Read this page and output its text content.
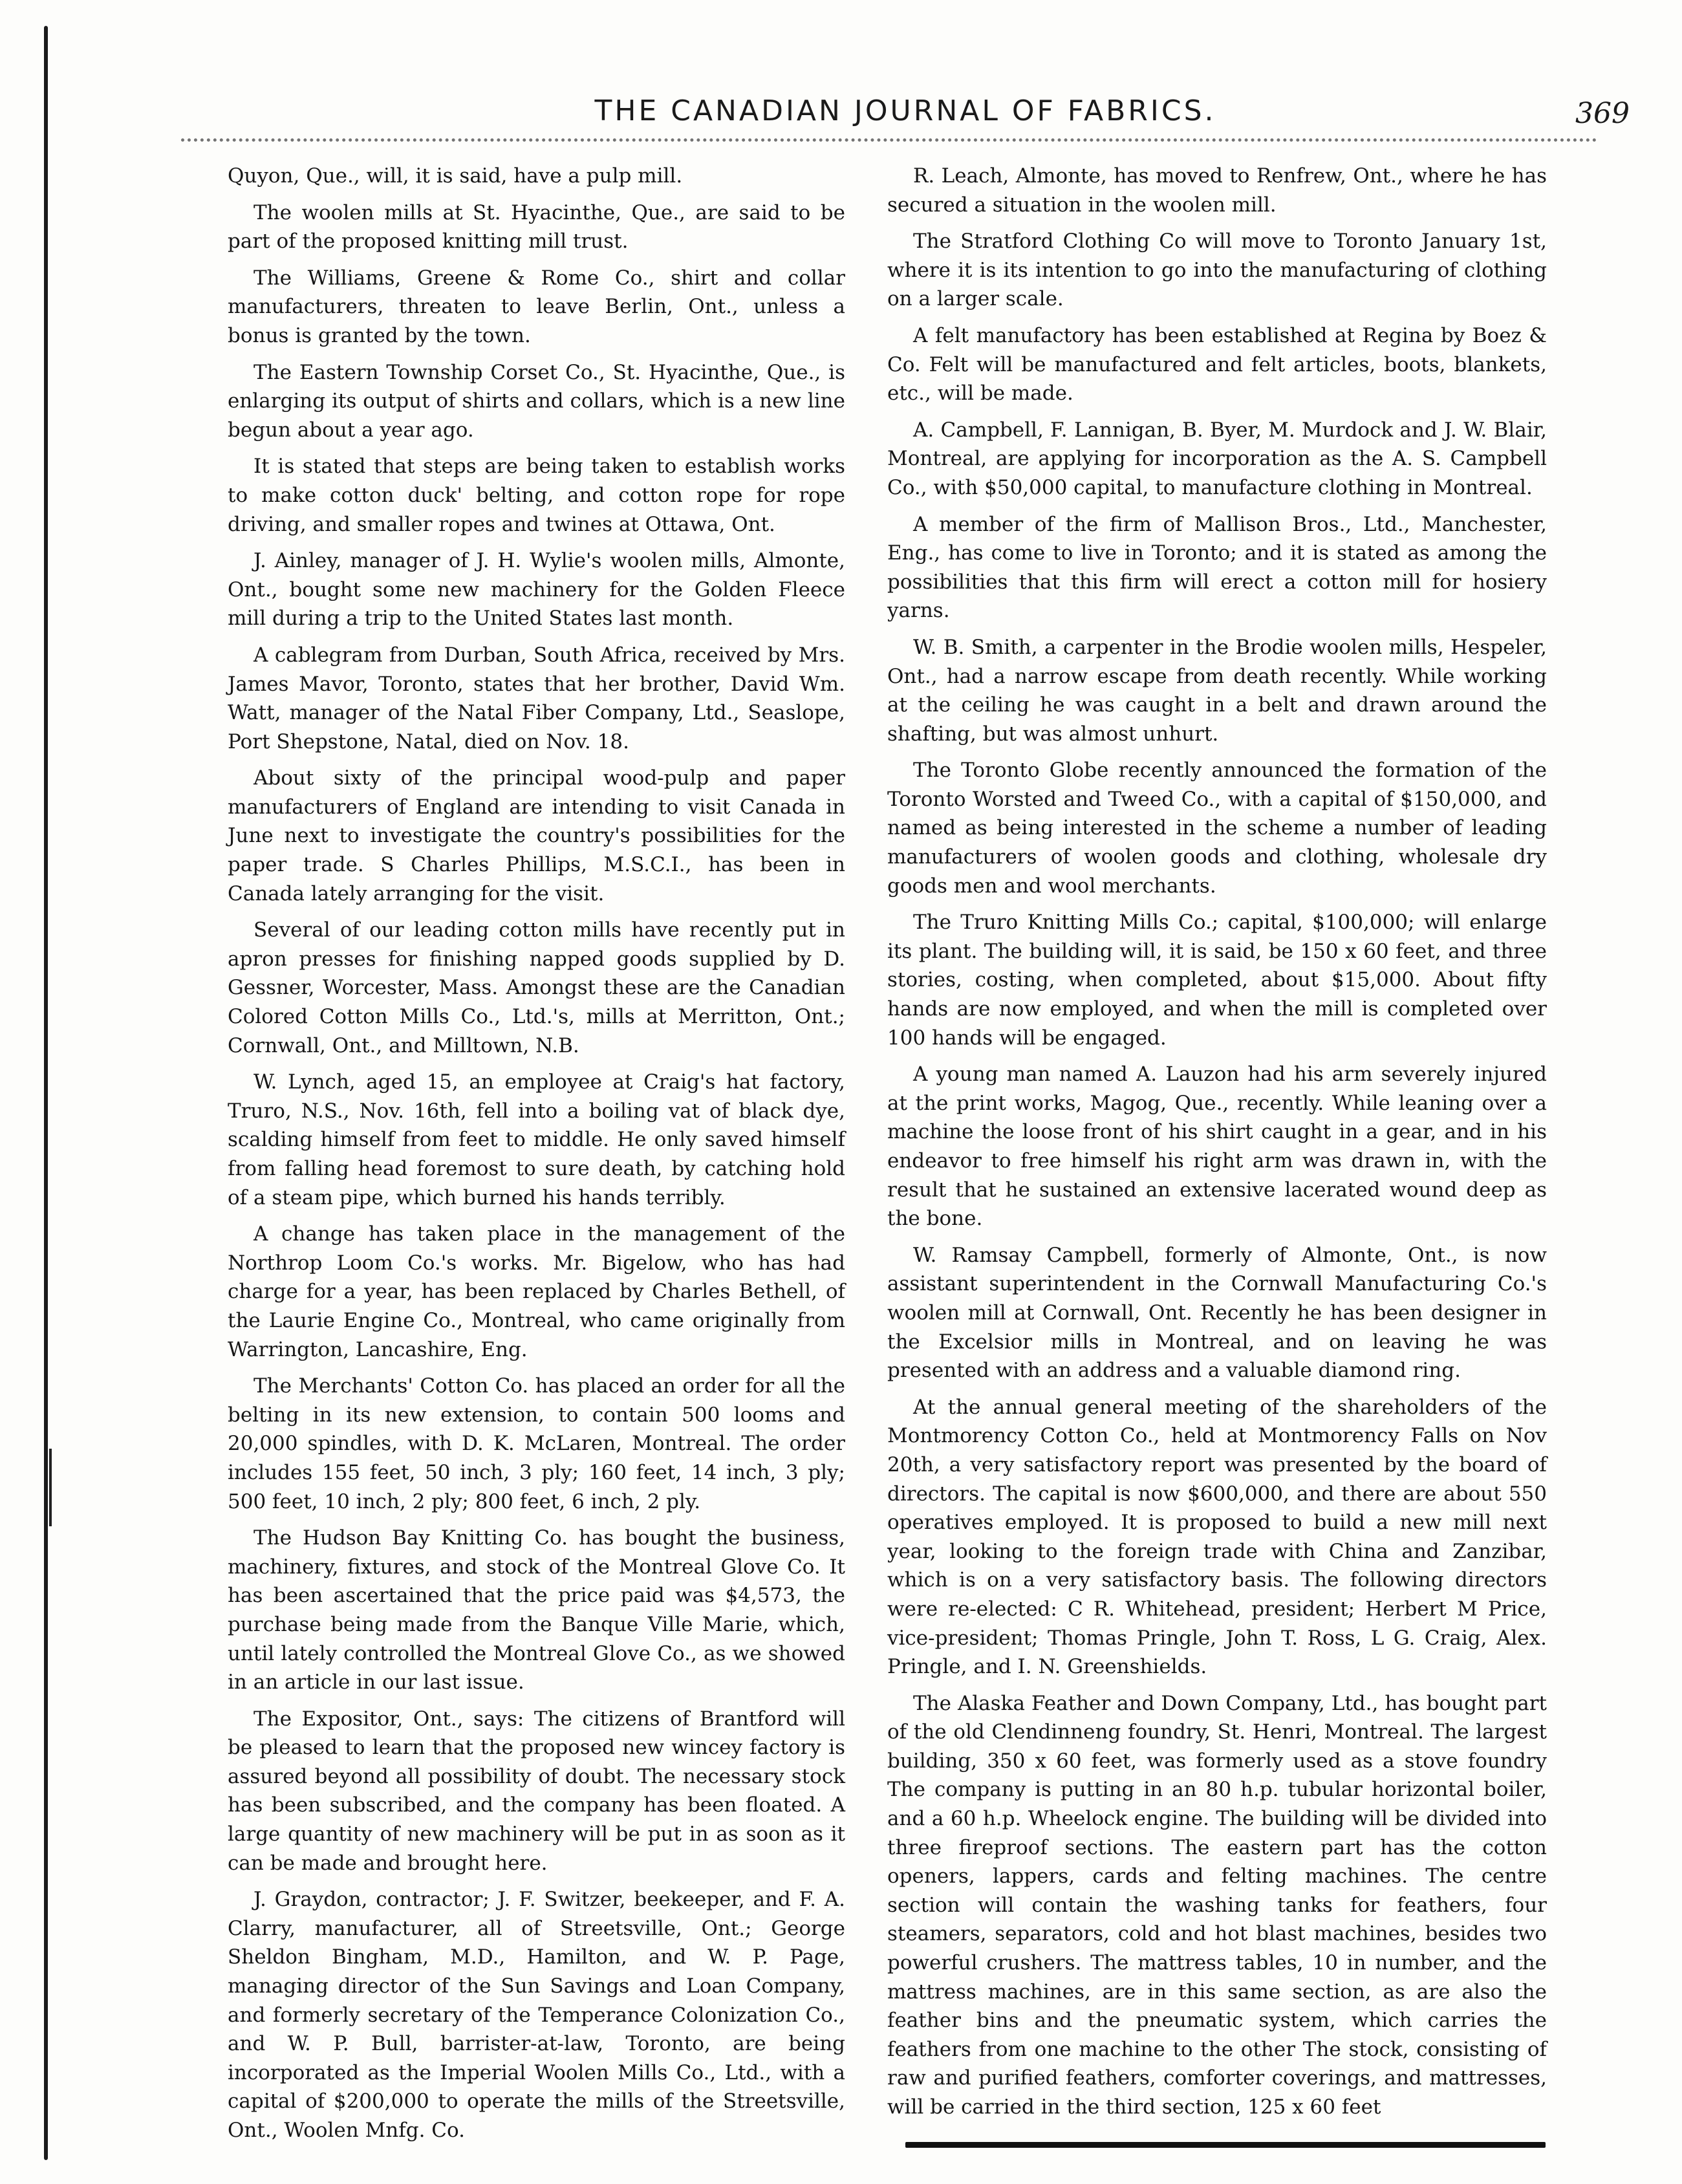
THE CANADIAN JOURNAL OF FABRICS.	369

Quyon, Que., will, it is said, have a pulp mill.

The woolen mills at St. Hyacinthe, Que., are said to be part of the proposed knitting mill trust.

The Williams, Greene & Rome Co., shirt and collar manufacturers, threaten to leave Berlin, Ont., unless a bonus is granted by the town.

The Eastern Township Corset Co., St. Hyacinthe, Que., is enlarging its output of shirts and collars, which is a new line begun about a year ago.

It is stated that steps are being taken to establish works to make cotton duck' belting, and cotton rope for rope driving, and smaller ropes and twines at Ottawa, Ont.

J. Ainley, manager of J. H. Wylie's woolen mills, Almonte, Ont., bought some new machinery for the Golden Fleece mill during a trip to the United States last month.

A cablegram from Durban, South Africa, received by Mrs. James Mavor, Toronto, states that her brother, David Wm. Watt, manager of the Natal Fiber Company, Ltd., Seaslope, Port Shepstone, Natal, died on Nov. 18.

About sixty of the principal wood-pulp and paper manufacturers of England are intending to visit Canada in June next to investigate the country's possibilities for the paper trade. S Charles Phillips, M.S.C.I., has been in Canada lately arranging for the visit.

Several of our leading cotton mills have recently put in apron presses for finishing napped goods supplied by D. Gessner, Worcester, Mass. Amongst these are the Canadian Colored Cotton Mills Co., Ltd.'s, mills at Merritton, Ont.; Cornwall, Ont., and Milltown, N.B.

W. Lynch, aged 15, an employee at Craig's hat factory, Truro, N.S., Nov. 16th, fell into a boiling vat of black dye, scalding himself from feet to middle. He only saved himself from falling head foremost to sure death, by catching hold of a steam pipe, which burned his hands terribly.

A change has taken place in the management of the Northrop Loom Co.'s works. Mr. Bigelow, who has had charge for a year, has been replaced by Charles Bethell, of the Laurie Engine Co., Montreal, who came originally from Warrington, Lancashire, Eng.

The Merchants' Cotton Co. has placed an order for all the belting in its new extension, to contain 500 looms and 20,000 spindles, with D. K. McLaren, Montreal. The order includes 155 feet, 50 inch, 3 ply; 160 feet, 14 inch, 3 ply; 500 feet, 10 inch, 2 ply; 800 feet, 6 inch, 2 ply.

The Hudson Bay Knitting Co. has bought the business, machinery, fixtures, and stock of the Montreal Glove Co. It has been ascertained that the price paid was $4,573, the purchase being made from the Banque Ville Marie, which, until lately controlled the Montreal Glove Co., as we showed in an article in our last issue.

The Expositor, Ont., says: The citizens of Brantford will be pleased to learn that the proposed new wincey factory is assured beyond all possibility of doubt. The necessary stock has been subscribed, and the company has been floated. A large quantity of new machinery will be put in as soon as it can be made and brought here.

J. Graydon, contractor; J. F. Switzer, beekeeper, and F. A. Clarry, manufacturer, all of Streetsville, Ont.; George Sheldon Bingham, M.D., Hamilton, and W. P. Page, managing director of the Sun Savings and Loan Company, and formerly secretary of the Temperance Colonization Co., and W. P. Bull, barrister-at-law, Toronto, are being incorporated as the Imperial Woolen Mills Co., Ltd., with a capital of $200,000 to operate the mills of the Streetsville, Ont., Woolen Mnfg. Co.

R. Leach, Almonte, has moved to Renfrew, Ont., where he has secured a situation in the woolen mill.

The Stratford Clothing Co will move to Toronto January 1st, where it is its intention to go into the manufacturing of clothing on a larger scale.

A felt manufactory has been established at Regina by Boez & Co. Felt will be manufactured and felt articles, boots, blankets, etc., will be made.

A. Campbell, F. Lannigan, B. Byer, M. Murdock and J. W. Blair, Montreal, are applying for incorporation as the A. S. Campbell Co., with $50,000 capital, to manufacture clothing in Montreal.

A member of the firm of Mallison Bros., Ltd., Manchester, Eng., has come to live in Toronto; and it is stated as among the possibilities that this firm will erect a cotton mill for hosiery yarns.

W. B. Smith, a carpenter in the Brodie woolen mills, Hespeler, Ont., had a narrow escape from death recently. While working at the ceiling he was caught in a belt and drawn around the shafting, but was almost unhurt.

The Toronto Globe recently announced the formation of the Toronto Worsted and Tweed Co., with a capital of $150,000, and named as being interested in the scheme a number of leading manufacturers of woolen goods and clothing, wholesale dry goods men and wool merchants.

The Truro Knitting Mills Co.; capital, $100,000; will enlarge its plant. The building will, it is said, be 150 x 60 feet, and three stories, costing, when completed, about $15,000. About fifty hands are now employed, and when the mill is completed over 100 hands will be engaged.

A young man named A. Lauzon had his arm severely injured at the print works, Magog, Que., recently. While leaning over a machine the loose front of his shirt caught in a gear, and in his endeavor to free himself his right arm was drawn in, with the result that he sustained an extensive lacerated wound deep as the bone.

W. Ramsay Campbell, formerly of Almonte, Ont., is now assistant superintendent in the Cornwall Manufacturing Co.'s woolen mill at Cornwall, Ont. Recently he has been designer in the Excelsior mills in Montreal, and on leaving he was presented with an address and a valuable diamond ring.

At the annual general meeting of the shareholders of the Montmorency Cotton Co., held at Montmorency Falls on Nov 20th, a very satisfactory report was presented by the board of directors. The capital is now $600,000, and there are about 550 operatives employed. It is proposed to build a new mill next year, looking to the foreign trade with China and Zanzibar, which is on a very satisfactory basis. The following directors were re-elected: C R. Whitehead, president; Herbert M Price, vice-president; Thomas Pringle, John T. Ross, L G. Craig, Alex. Pringle, and I. N. Greenshields.

The Alaska Feather and Down Company, Ltd., has bought part of the old Clendinneng foundry, St. Henri, Montreal. The largest building, 350 x 60 feet, was formerly used as a stove foundry The company is putting in an 80 h.p. tubular horizontal boiler, and a 60 h.p. Wheelock engine. The building will be divided into three fireproof sections. The eastern part has the cotton openers, lappers, cards and felting machines. The centre section will contain the washing tanks for feathers, four steamers, separators, cold and hot blast machines, besides two powerful crushers. The mattress tables, 10 in number, and the mattress machines, are in this same section, as are also the feather bins and the pneumatic system, which carries the feathers from one machine to the other The stock, consisting of raw and purified feathers, comforter coverings, and mattresses, will be carried in the third section, 125 x 60 feet
